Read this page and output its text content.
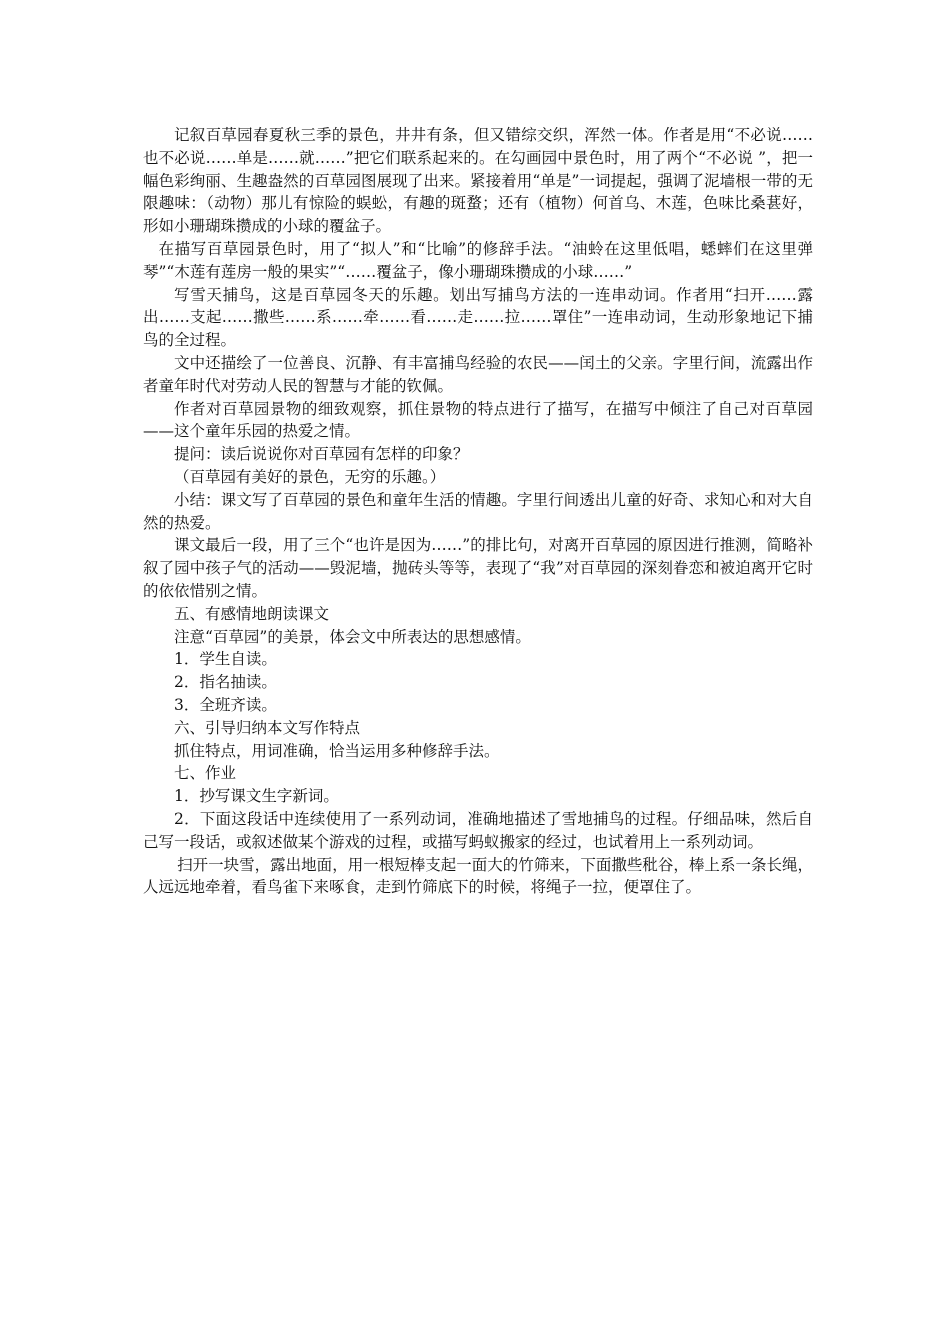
记叙百草园春夏秋三季的景色，井井有条，但又错综交织，浑然一体。作者是用“不必说……也不必说……单是……就……”把它们联系起来的。在勾画园中景色时，用了两个“不必说 ”，把一幅色彩绚丽、生趣盎然的百草园图展现了出来。紧接着用“单是”一词提起，强调了泥墙根一带的无限趣味：（动物）那儿有惊险的蜈蚣，有趣的斑蝥；还有（植物）何首乌、木莲，色味比桑葚好，形如小珊瑚珠攒成的小球的覆盆子。

在描写百草园景色时，用了“拟人”和“比喻”的修辞手法。“油蛉在这里低唱，蟋蟀们在这里弹琴”“木莲有莲房一般的果实”“……覆盆子，像小珊瑚珠攒成的小球……”

写雪天捕鸟，这是百草园冬天的乐趣。划出写捕鸟方法的一连串动词。作者用“扫开……露出……支起……撒些……系……牵……看……走……拉……罩住”一连串动词，生动形象地记下捕鸟的全过程。

文中还描绘了一位善良、沉静、有丰富捕鸟经验的农民——闰土的父亲。字里行间，流露出作者童年时代对劳动人民的智慧与才能的钦佩。

作者对百草园景物的细致观察，抓住景物的特点进行了描写，在描写中倾注了自己对百草园——这个童年乐园的热爱之情。

提问：读后说说你对百草园有怎样的印象？

（百草园有美好的景色，无穷的乐趣。）

小结：课文写了百草园的景色和童年生活的情趣。字里行间透出儿童的好奇、求知心和对大自然的热爱。

课文最后一段，用了三个“也许是因为……”的排比句，对离开百草园的原因进行推测，简略补叙了园中孩子气的活动——毁泥墙，抛砖头等等，表现了“我”对百草园的深刻眷恋和被迫离开它时的依依惜别之情。

五、有感情地朗读课文

注意“百草园”的美景，体会文中所表达的思想感情。

1．学生自读。

2．指名抽读。

3．全班齐读。

六、引导归纳本文写作特点

抓住特点，用词准确，恰当运用多种修辞手法。

七、作业

1．抄写课文生字新词。

2．下面这段话中连续使用了一系列动词，准确地描述了雪地捕鸟的过程。仔细品味，然后自己写一段话，或叙述做某个游戏的过程，或描写蚂蚁搬家的经过，也试着用上一系列动词。

扫开一块雪，露出地面，用一根短棒支起一面大的竹筛来，下面撒些秕谷，棒上系一条长绳，人远远地牵着，看鸟雀下来啄食，走到竹筛底下的时候，将绳子一拉，便罩住了。
